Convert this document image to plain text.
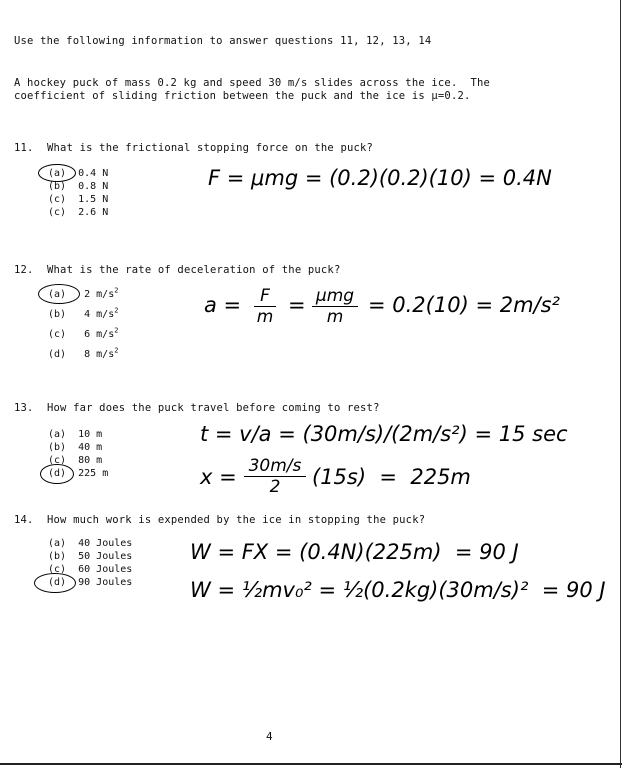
Use the following information to answer questions 11, 12, 13, 14
A hockey puck of mass 0.2 kg and speed 30 m/s slides across the ice.  The
coefficient of sliding friction between the puck and the ice is μ=0.2.
11. What is the frictional stopping force on the puck?
(a) 0.4 N
(b) 0.8 N
(c) 1.5 N
(c) 2.6 N
F = μmg = (0.2)(0.2)(10) = 0.4N
12. What is the rate of deceleration of the puck?
(a) 2 $m/s^2$
(b) 4 $m/s^2$
(c) 6 $m/s^2$
(d) 8 $m/s^2$
a =	F
m = μmg
m	= 0.2(10) = 2m/s²
13. How far does the puck travel before coming to rest?
(a) 10 m
(b) 40 m
(c) 80 m
(d) 225 m
t = v/a = (30m/s)/(2m/s²) = 15 sec
x = 30m/s
2	(15s)  =  225m
14. How much work is expended by the ice in stopping the puck?
(a) 40 Joules
(b) 50 Joules
(c) 60 Joules
(d) 90 Joules
W = FX = (0.4N)(225m)  = 90 J
W = ½mv₀² = ½(0.2kg)(30m/s)²  = 90 J
4
